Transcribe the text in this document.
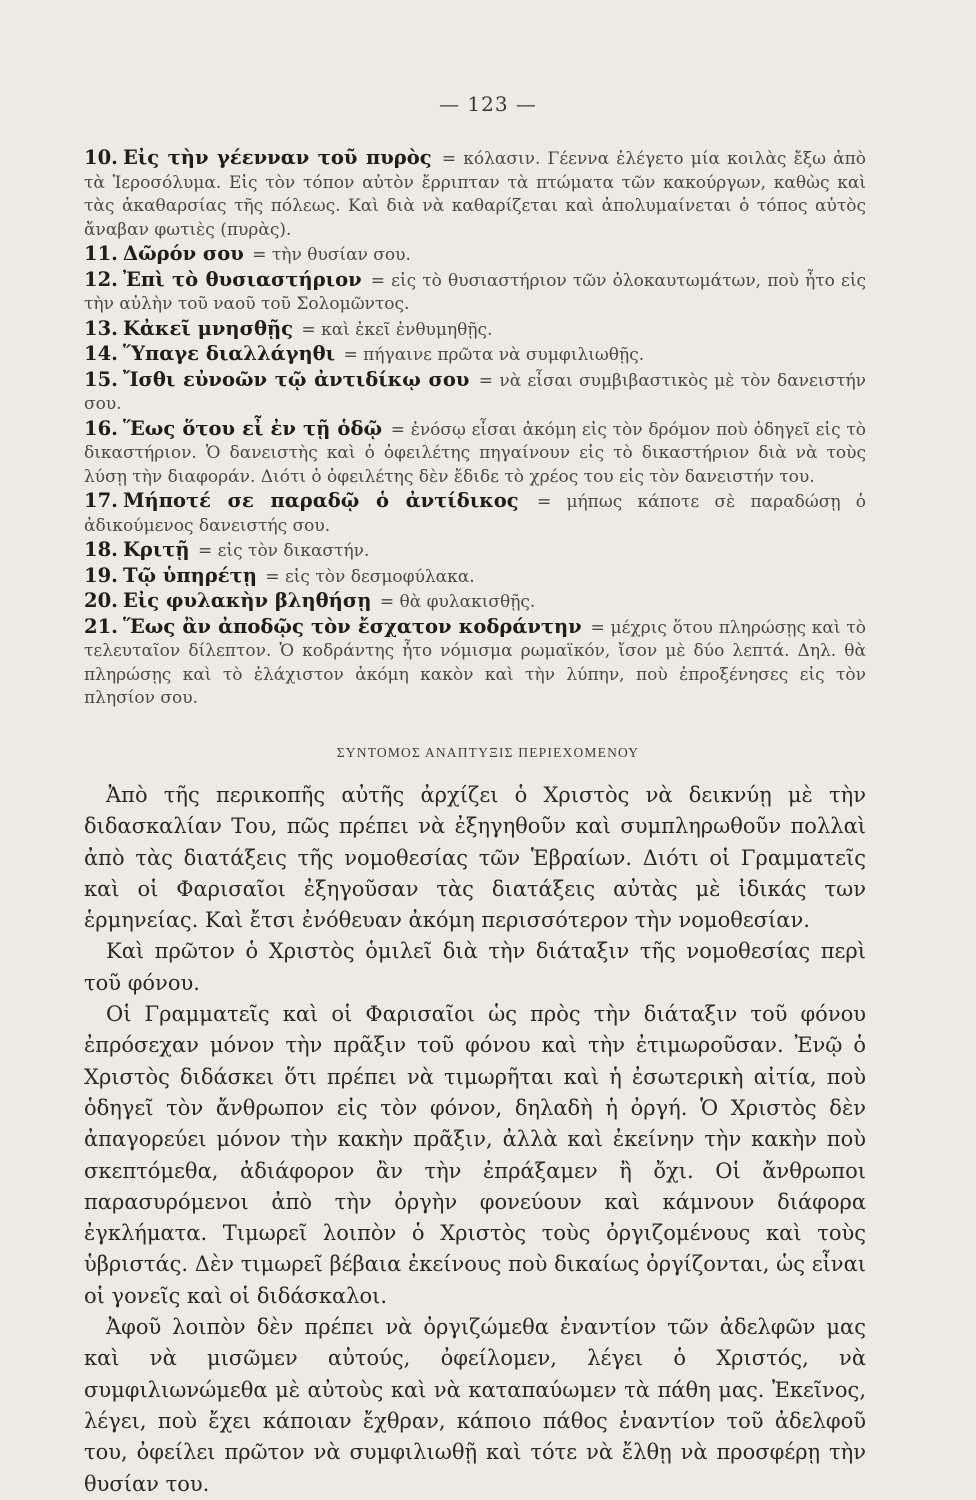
— 123 —

10. Εἰς τὴν γέενναν τοῦ πυρὸς = κόλασιν. Γέεννα ἐλέγετο μία κοιλὰς ἔξω ἀπὸ τὰ Ἱεροσόλυμα. Εἰς τὸν τόπον αὐτὸν ἔρριπταν τὰ πτώματα τῶν κακούργων, καθὼς καὶ τὰς ἀκαθαρσίας τῆς πόλεως. Καὶ διὰ νὰ καθαρίζεται καὶ ἀπολυμαίνεται ὁ τόπος αὐτὸς ἄναβαν φωτιὲς (πυρὰς).

11. Δῶρόν σου = τὴν θυσίαν σου.

12. Ἐπὶ τὸ θυσιαστήριον = εἰς τὸ θυσιαστήριον τῶν ὁλοκαυτωμάτων, ποὺ ἦτο εἰς τὴν αὐλὴν τοῦ ναοῦ τοῦ Σολομῶντος.

13. Κἀκεῖ μνησθῇς = καὶ ἐκεῖ ἐνθυμηθῇς.

14. Ὕπαγε διαλλάγηθι = πήγαινε πρῶτα νὰ συμφιλιωθῇς.

15. Ἴσθι εὐνοῶν τῷ ἀντιδίκῳ σου = νὰ εἶσαι συμβιβαστικὸς μὲ τὸν δανειστήν σου.

16. Ἕως ὅτου εἶ ἐν τῇ ὁδῷ = ἐνόσῳ εἶσαι ἀκόμη εἰς τὸν δρόμον ποὺ ὁδηγεῖ εἰς τὸ δικαστήριον. Ὁ δανειστὴς καὶ ὁ ὀφειλέτης πηγαίνουν εἰς τὸ δικαστήριον διὰ νὰ τοὺς λύσῃ τὴν διαφοράν. Διότι ὁ ὀφειλέτης δὲν ἔδιδε τὸ χρέος του εἰς τὸν δανειστήν του.

17. Μήποτέ σε παραδῷ ὁ ἀντίδικος = μήπως κάποτε σὲ παραδώσῃ ὁ ἀδικούμενος δανειστής σου.

18. Κριτῇ = εἰς τὸν δικαστήν.

19. Τῷ ὑπηρέτῃ = εἰς τὸν δεσμοφύλακα.

20. Εἰς φυλακὴν βληθήσῃ = θὰ φυλακισθῇς.

21. Ἕως ἂν ἀποδῷς τὸν ἔσχατον κοδράντην = μέχρις ὅτου πληρώσῃς καὶ τὸ τελευταῖον δίλεπτον. Ὁ κοδράντης ἦτο νόμισμα ρωμαϊκόν, ἴσον μὲ δύο λεπτά. Δηλ. θὰ πληρώσῃς καὶ τὸ ἐλάχιστον ἀκόμη κακὸν καὶ τὴν λύπην, ποὺ ἐπροξένησες εἰς τὸν πλησίον σου.

ΣΥΝΤΟΜΟΣ ΑΝΑΠΤΥΞΙΣ ΠΕΡΙΕΧΟΜΕΝΟΥ

Ἀπὸ τῆς περικοπῆς αὐτῆς ἀρχίζει ὁ Χριστὸς νὰ δεικνύῃ μὲ τὴν διδασκαλίαν Του, πῶς πρέπει νὰ ἐξηγηθοῦν καὶ συμπληρωθοῦν πολλαὶ ἀπὸ τὰς διατάξεις τῆς νομοθεσίας τῶν Ἑβραίων. Διότι οἱ Γραμματεῖς καὶ οἱ Φαρισαῖοι ἐξηγοῦσαν τὰς διατάξεις αὐτὰς μὲ ἰδικάς των ἑρμηνείας. Καὶ ἔτσι ἐνόθευαν ἀκόμη περισσότερον τὴν νομοθεσίαν.

Καὶ πρῶτον ὁ Χριστὸς ὁμιλεῖ διὰ τὴν διάταξιν τῆς νομοθεσίας περὶ τοῦ φόνου.

Οἱ Γραμματεῖς καὶ οἱ Φαρισαῖοι ὡς πρὸς τὴν διάταξιν τοῦ φόνου ἐπρόσεχαν μόνον τὴν πρᾶξιν τοῦ φόνου καὶ τὴν ἐτιμωροῦσαν. Ἐνῷ ὁ Χριστὸς διδάσκει ὅτι πρέπει νὰ τιμωρῆται καὶ ἡ ἐσωτερικὴ αἰτία, ποὺ ὁδηγεῖ τὸν ἄνθρωπον εἰς τὸν φόνον, δηλαδὴ ἡ ὀργή. Ὁ Χριστὸς δὲν ἀπαγορεύει μόνον τὴν κακὴν πρᾶξιν, ἀλλὰ καὶ ἐκείνην τὴν κακὴν ποὺ σκεπτόμεθα, ἀδιάφορον ἂν τὴν ἐπράξαμεν ἢ ὄχι. Οἱ ἄνθρωποι παρασυρόμενοι ἀπὸ τὴν ὀργὴν φονεύουν καὶ κάμνουν διάφορα ἐγκλήματα. Τιμωρεῖ λοιπὸν ὁ Χριστὸς τοὺς ὀργιζομένους καὶ τοὺς ὑβριστάς. Δὲν τιμωρεῖ βέβαια ἐκείνους ποὺ δικαίως ὀργίζονται, ὡς εἶναι οἱ γονεῖς καὶ οἱ διδάσκαλοι.

Ἀφοῦ λοιπὸν δὲν πρέπει νὰ ὀργιζώμεθα ἐναντίον τῶν ἀδελφῶν μας καὶ νὰ μισῶμεν αὐτούς, ὀφείλομεν, λέγει ὁ Χριστός, νὰ συμφιλιωνώμεθα μὲ αὐτοὺς καὶ νὰ καταπαύωμεν τὰ πάθη μας. Ἐκεῖνος, λέγει, ποὺ ἔχει κάποιαν ἔχθραν, κάποιο πάθος ἐναντίον τοῦ ἀδελφοῦ του, ὀφείλει πρῶτον νὰ συμφιλιωθῇ καὶ τότε νὰ ἔλθῃ νὰ προσφέρῃ τὴν θυσίαν του.
